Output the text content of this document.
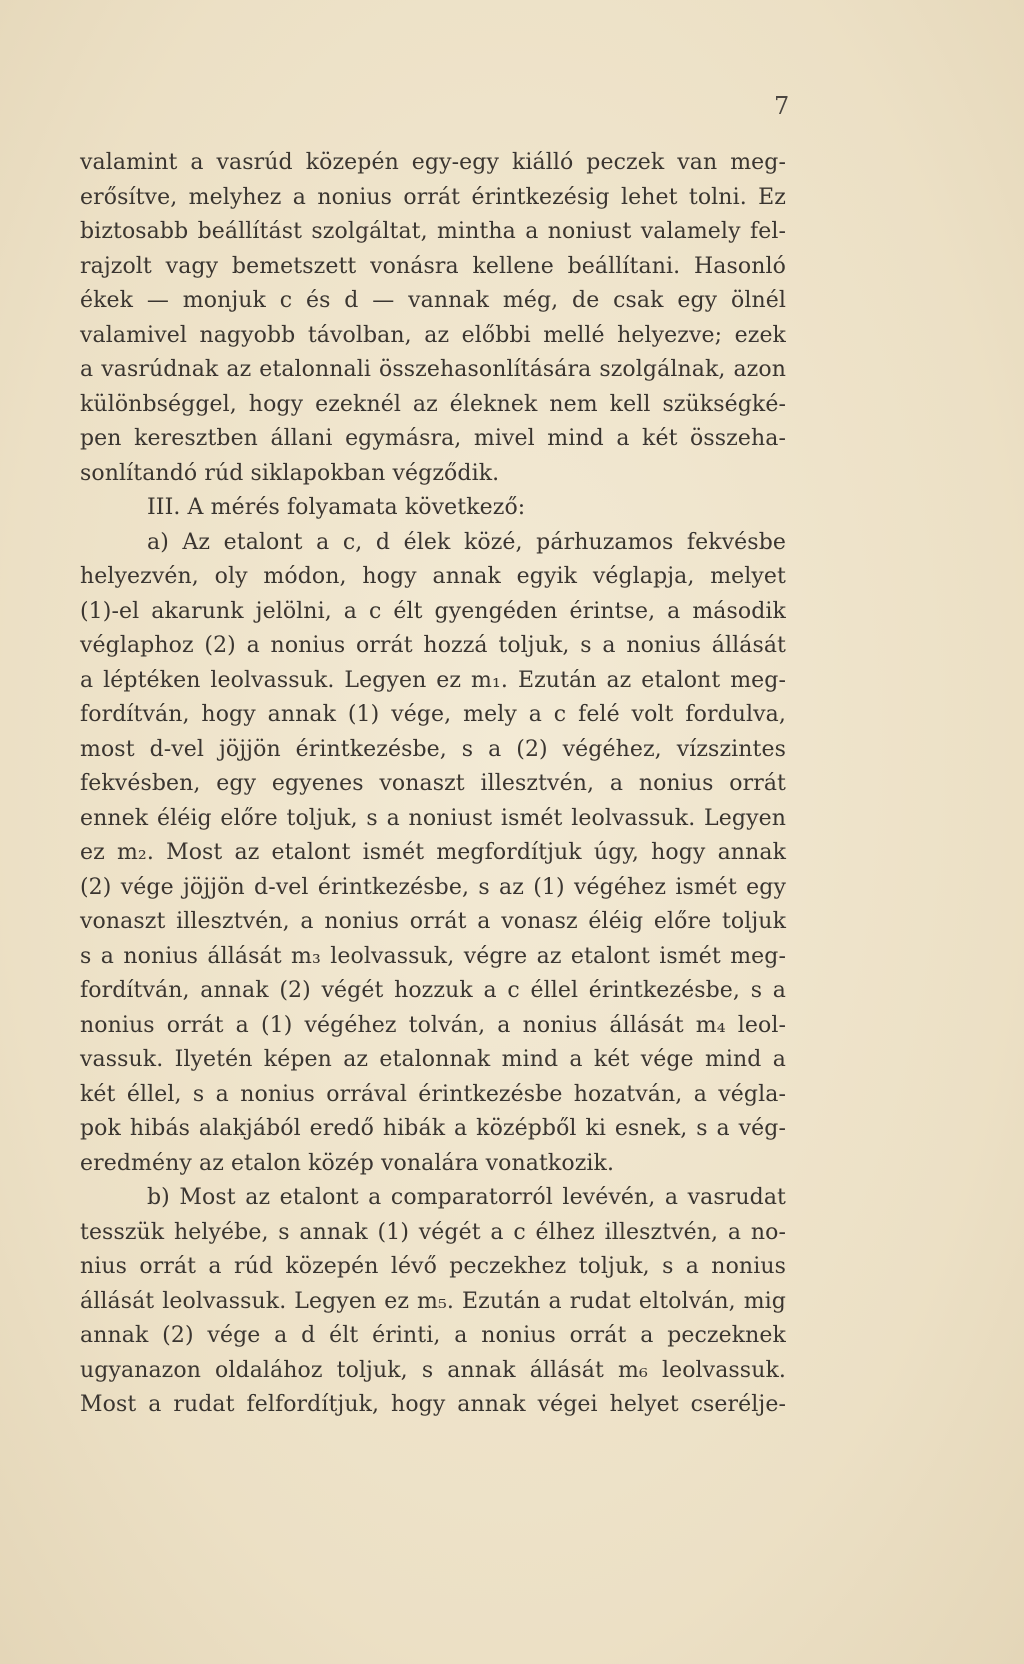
7
valamint a vasrúd közepén egy-egy kiálló peczek van meg-
erősítve, melyhez a nonius orrát érintkezésig lehet tolni. Ez
biztosabb beállítást szolgáltat, mintha a noniust valamely fel-
rajzolt vagy bemetszett vonásra kellene beállítani. Hasonló
ékek — monjuk c és d — vannak még, de csak egy ölnél
valamivel nagyobb távolban, az előbbi mellé helyezve; ezek
a vasrúdnak az etalonnali összehasonlítására szolgálnak, azon
különbséggel, hogy ezeknél az éleknek nem kell szükségké-
pen keresztben állani egymásra, mivel mind a két összeha-
sonlítandó rúd siklapokban végződik.
III. A mérés folyamata következő:
a) Az etalont a c, d élek közé, párhuzamos fekvésbe
helyezvén, oly módon, hogy annak egyik véglapja, melyet
(1)-el akarunk jelölni, a c élt gyengéden érintse, a második
véglaphoz (2) a nonius orrát hozzá toljuk, s a nonius állását
a léptéken leolvassuk. Legyen ez m₁. Ezután az etalont meg-
fordítván, hogy annak (1) vége, mely a c felé volt fordulva,
most d-vel jöjjön érintkezésbe, s a (2) végéhez, vízszintes
fekvésben, egy egyenes vonaszt illesztvén, a nonius orrát
ennek éléig előre toljuk, s a noniust ismét leolvassuk. Legyen
ez m₂. Most az etalont ismét megfordítjuk úgy, hogy annak
(2) vége jöjjön d-vel érintkezésbe, s az (1) végéhez ismét egy
vonaszt illesztvén, a nonius orrát a vonasz éléig előre toljuk
s a nonius állását m₃ leolvassuk, végre az etalont ismét meg-
fordítván, annak (2) végét hozzuk a c éllel érintkezésbe, s a
nonius orrát a (1) végéhez tolván, a nonius állását m₄ leol-
vassuk. Ilyetén képen az etalonnak mind a két vége mind a
két éllel, s a nonius orrával érintkezésbe hozatván, a végla-
pok hibás alakjából eredő hibák a középből ki esnek, s a vég-
eredmény az etalon közép vonalára vonatkozik.
b) Most az etalont a comparatorról levévén, a vasrudat
tesszük helyébe, s annak (1) végét a c élhez illesztvén, a no-
nius orrát a rúd közepén lévő peczekhez toljuk, s a nonius
állását leolvassuk. Legyen ez m₅. Ezután a rudat eltolván, mig
annak (2) vége a d élt érinti, a nonius orrát a peczeknek
ugyanazon oldalához toljuk, s annak állását m₆ leolvassuk.
Most a rudat felfordítjuk, hogy annak végei helyet cseréljе-
